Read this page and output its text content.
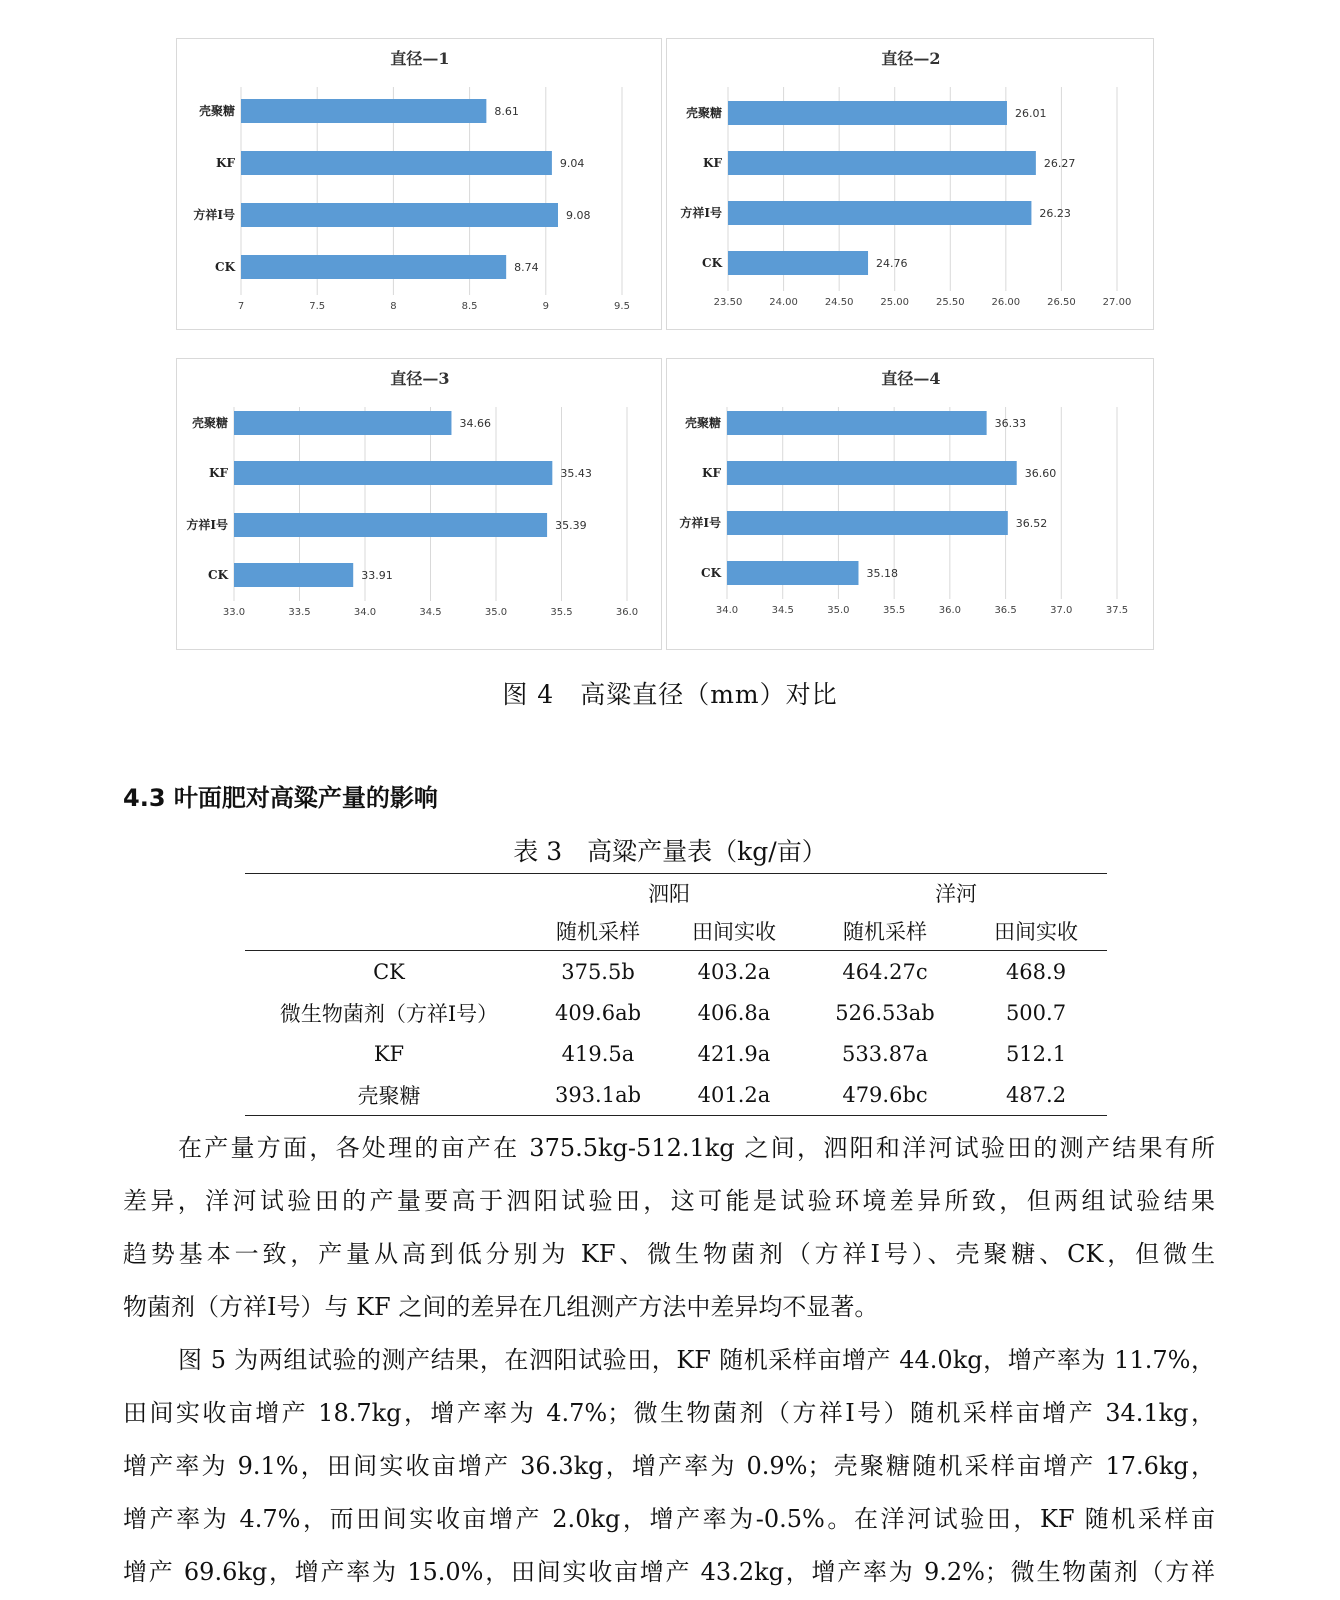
7	7.5	8	8.5	9	9.5
直径—1
壳聚糖	8.61
KF	9.04
方祥Ⅰ号	9.08
CK	8.74
23.50	24.00	24.50	25.00	25.50	26.00	26.50	27.00
直径—2
壳聚糖	26.01
KF	26.27
方祥Ⅰ号	26.23
CK	24.76
33.0	33.5	34.0	34.5	35.0	35.5	36.0
直径—3
壳聚糖	34.66
KF	35.43
方祥Ⅰ号	35.39
CK	33.91
34.0	34.5	35.0	35.5	36.0	36.5	37.0	37.5
直径—4
壳聚糖	36.33
KF	36.60
方祥Ⅰ号	36.52
CK	35.18
图 4　高粱直径（mm）对比
4.3 叶面肥对高粱产量的影响
表 3　高粱产量表（kg/亩）
	泗阳		洋河	
	随机采样	田间实收	随机采样	田间实收
CK	375.5b	403.2a	464.27c	468.9
微生物菌剂（方祥Ⅰ号）	409.6ab	406.8a	526.53ab	500.7
KF	419.5a	421.9a	533.87a	512.1
壳聚糖	393.1ab	401.2a	479.6bc	487.2

在产量方面，各处理的亩产在 375.5kg-512.1kg 之间，泗阳和洋河试验田的测产结果有所
差异，洋河试验田的产量要高于泗阳试验田，这可能是试验环境差异所致，但两组试验结果
趋势基本一致，产量从高到低分别为 KF、微生物菌剂（方祥Ⅰ号）、壳聚糖、CK，但微生
物菌剂（方祥Ⅰ号）与 KF 之间的差异在几组测产方法中差异均不显著。

图 5 为两组试验的测产结果，在泗阳试验田，KF 随机采样亩增产 44.0kg，增产率为 11.7%，
田间实收亩增产 18.7kg，增产率为 4.7%；微生物菌剂（方祥Ⅰ号）随机采样亩增产 34.1kg，
增产率为 9.1%，田间实收亩增产 36.3kg，增产率为 0.9%；壳聚糖随机采样亩增产 17.6kg，
增产率为 4.7%，而田间实收亩增产 2.0kg，增产率为-0.5%。在洋河试验田，KF 随机采样亩
增产 69.6kg，增产率为 15.0%，田间实收亩增产 43.2kg，增产率为 9.2%；微生物菌剂（方祥
